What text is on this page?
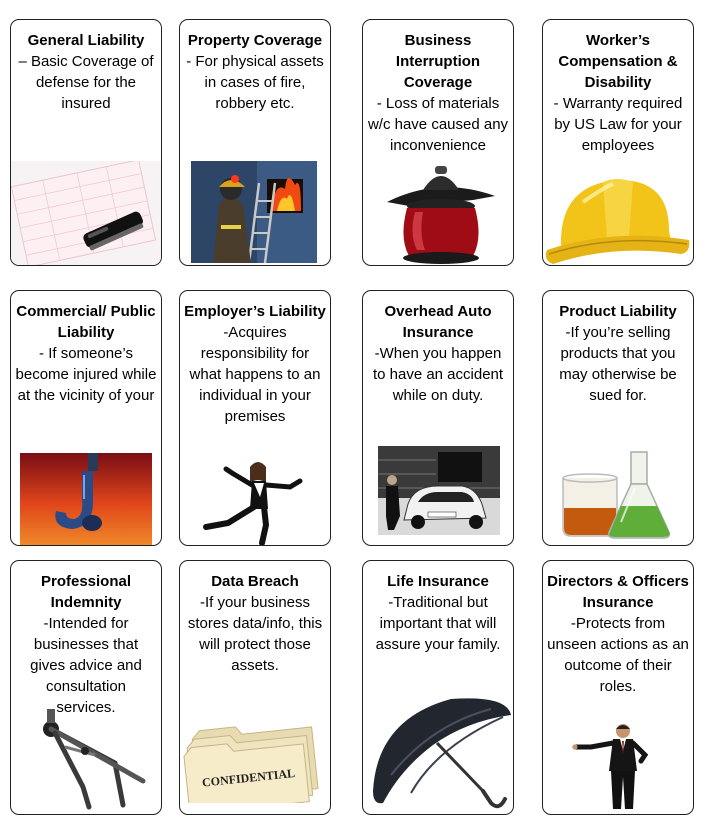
General Liability
– Basic Coverage of defense for the insured
Property Coverage
- For physical assets in cases of fire, robbery etc.
Business Interruption Coverage
- Loss of materials w/c have caused any inconvenience
Worker’s Compensation & Disability
- Warranty required by US Law for your employees
Commercial/ Public Liability
- If someone’s become injured while at the vicinity of your
Employer’s Liability
-Acquires responsibility for what happens to an individual in your premises
Overhead Auto Insurance
-When you happen to have an accident while on duty.
Product Liability
-If you’re selling products that you may otherwise be sued for.
Professional Indemnity
-Intended for businesses that gives advice and consultation services.
Data Breach
-If your business stores data/info, this will protect those assets.
CONFIDENTIAL
Life Insurance
-Traditional but important that will assure your family.
Directors & Officers Insurance
-Protects from unseen actions as an outcome of their roles.
